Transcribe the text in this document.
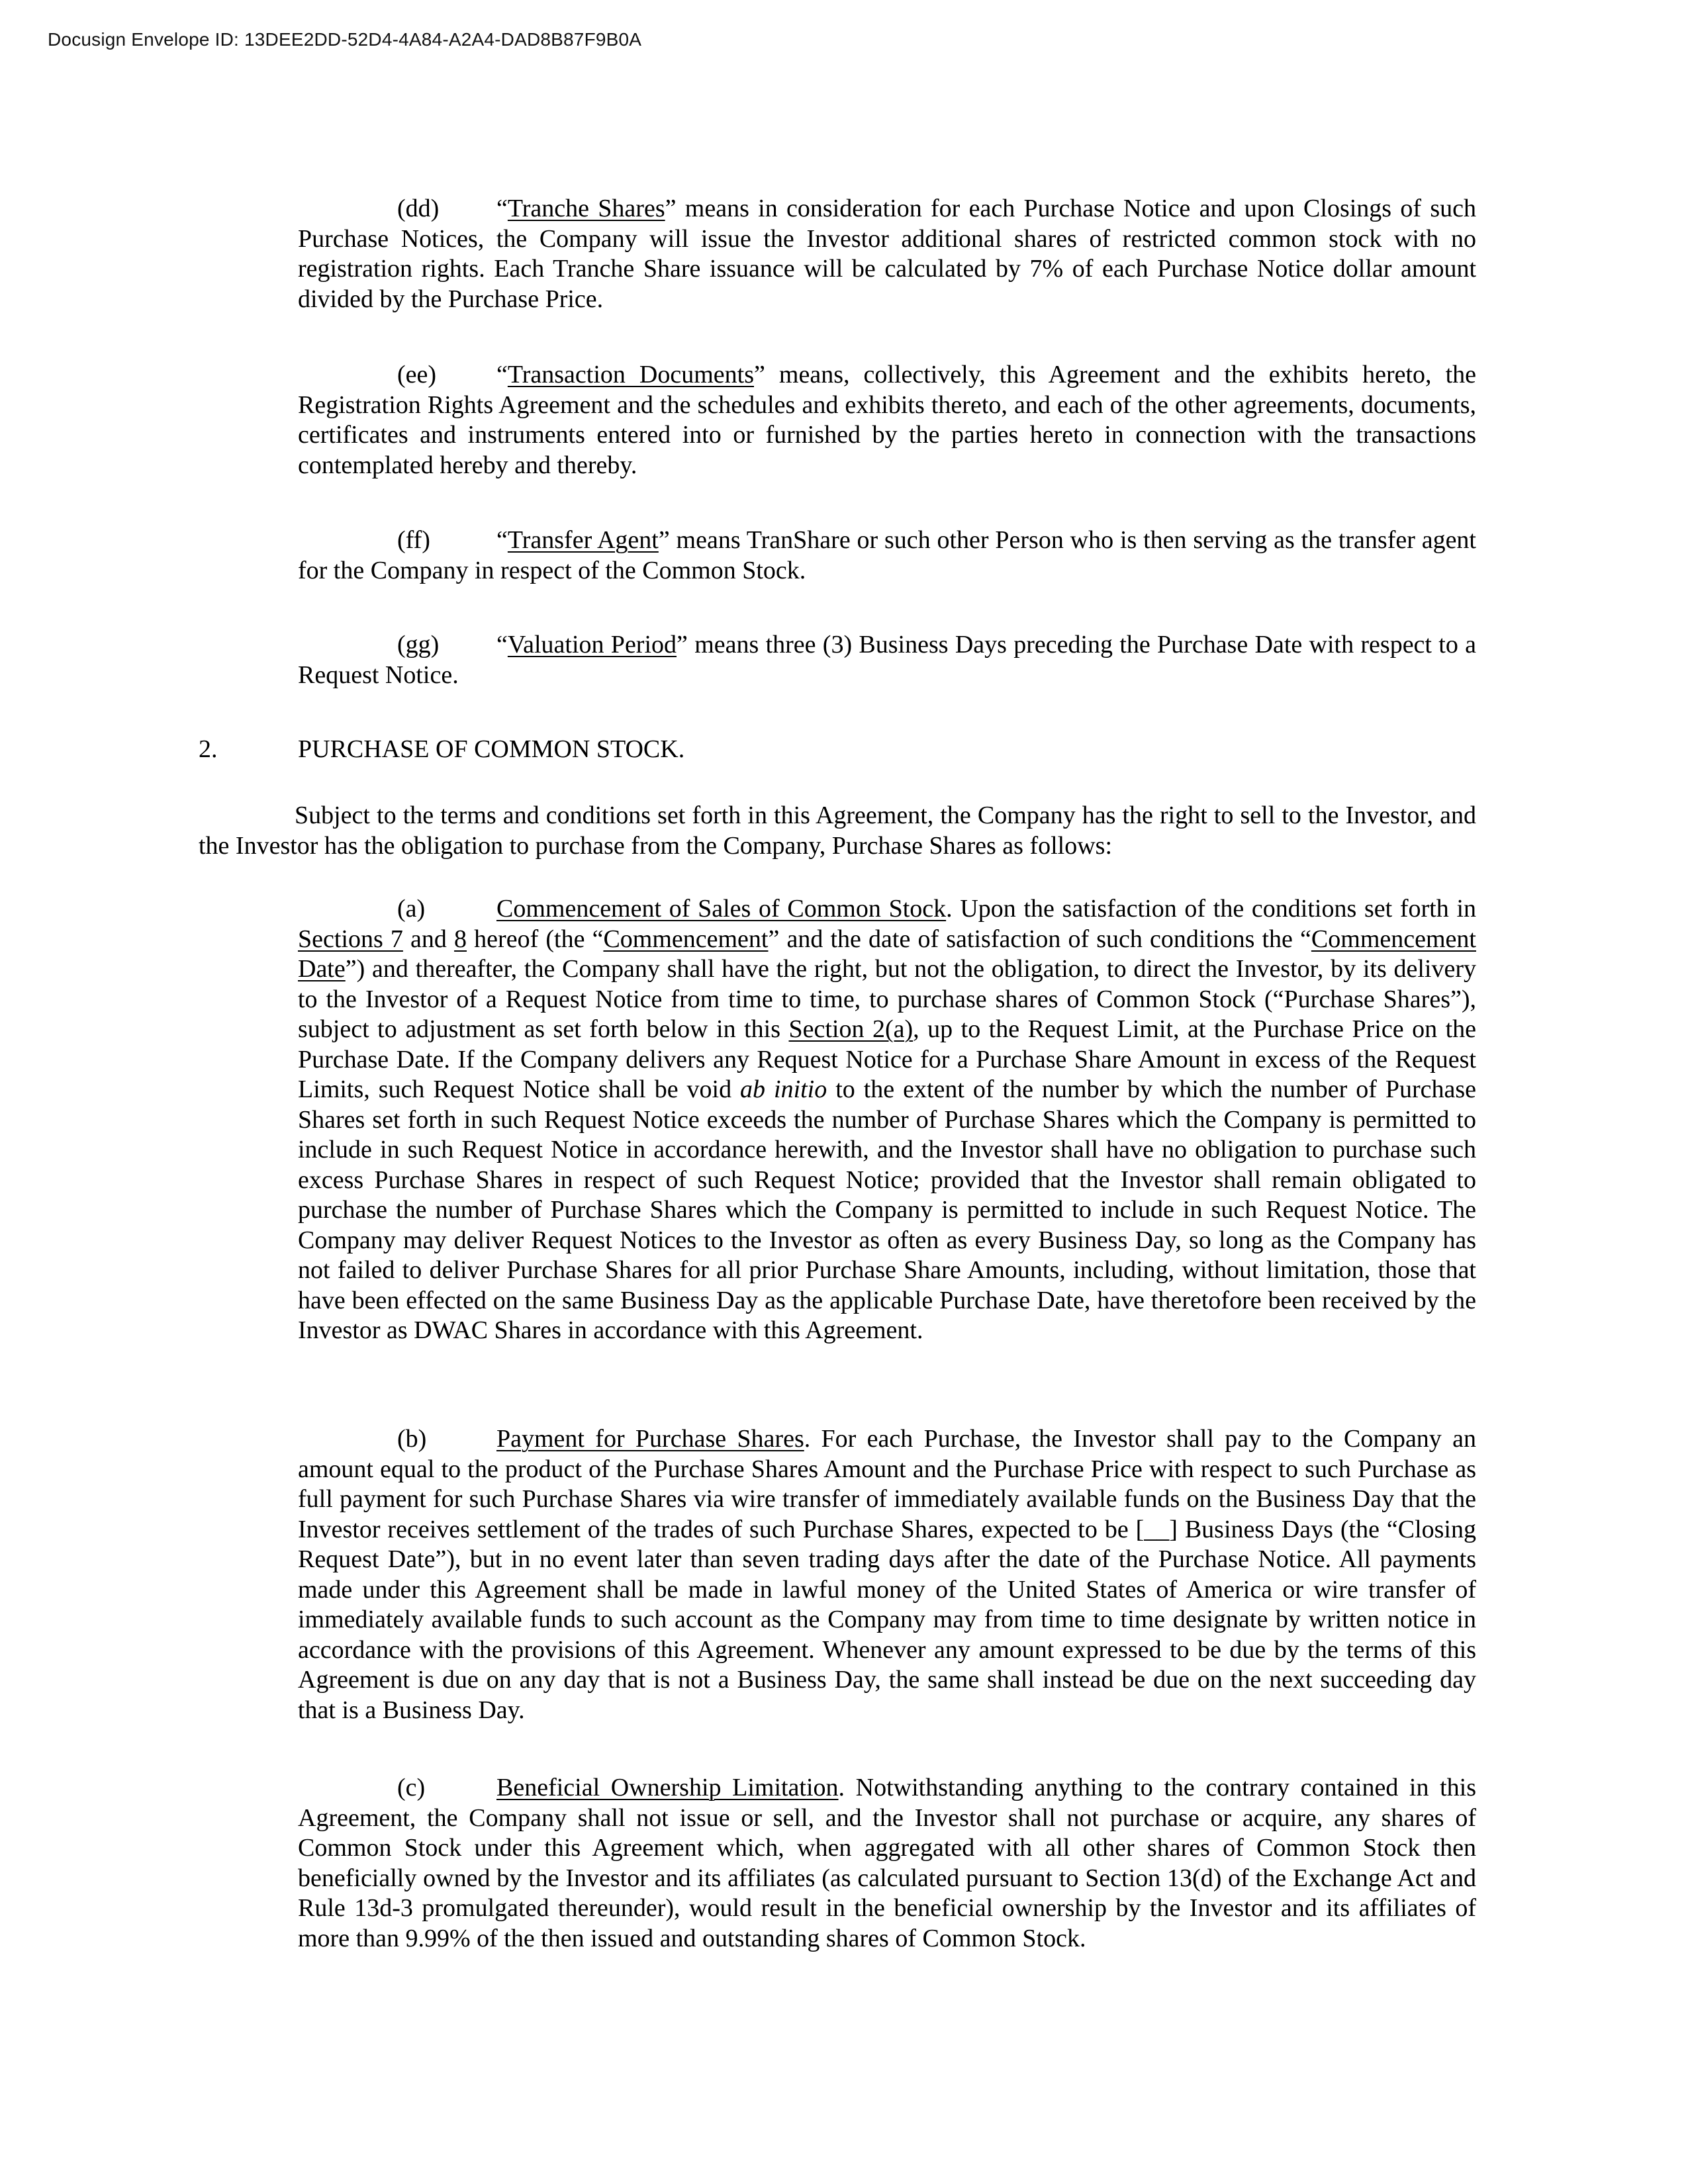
Docusign Envelope ID: 13DEE2DD-52D4-4A84-A2A4-DAD8B87F9B0A

(dd) “Tranche Shares” means in consideration for each Purchase Notice and upon Closings of such Purchase Notices, the Company will issue the Investor additional shares of restricted common stock with no registration rights. Each Tranche Share issuance will be calculated by 7% of each Purchase Notice dollar amount divided by the Purchase Price.

(ee) “Transaction Documents” means, collectively, this Agreement and the exhibits hereto, the Registration Rights Agreement and the schedules and exhibits thereto, and each of the other agreements, documents, certificates and instruments entered into or furnished by the parties hereto in connection with the transactions contemplated hereby and thereby.

(ff)	“Transfer Agent” means TranShare or such other Person who is then serving as the transfer agent for the Company in respect of the Common Stock.

(gg) “Valuation Period” means three (3) Business Days preceding the Purchase Date with respect to a Request Notice.

2.	PURCHASE OF COMMON STOCK.

Subject to the terms and conditions set forth in this Agreement, the Company has the right to sell to the Investor, and the Investor has the obligation to purchase from the Company, Purchase Shares as follows:

(a)	Commencement of Sales of Common Stock. Upon the satisfaction of the conditions set forth in Sections 7 and 8 hereof (the “Commencement” and the date of satisfaction of such conditions the “Commencement Date”) and thereafter, the Company shall have the right, but not the obligation, to direct the Investor, by its delivery to the Investor of a Request Notice from time to time, to purchase shares of Common Stock (“Purchase Shares”), subject to adjustment as set forth below in this Section 2(a), up to the Request Limit, at the Purchase Price on the Purchase Date. If the Company delivers any Request Notice for a Purchase Share Amount in excess of the Request Limits, such Request Notice shall be void ab initio to the extent of the number by which the number of Purchase Shares set forth in such Request Notice exceeds the number of Purchase Shares which the Company is permitted to include in such Request Notice in accordance herewith, and the Investor shall have no obligation to purchase such excess Purchase Shares in respect of such Request Notice; provided that the Investor shall remain obligated to purchase the number of Purchase Shares which the Company is permitted to include in such Request Notice. The Company may deliver Request Notices to the Investor as often as every Business Day, so long as the Company has not failed to deliver Purchase Shares for all prior Purchase Share Amounts, including, without limitation, those that have been effected on the same Business Day as the applicable Purchase Date, have theretofore been received by the Investor as DWAC Shares in accordance with this Agreement.

(b)	Payment for Purchase Shares. For each Purchase, the Investor shall pay to the Company an amount equal to the product of the Purchase Shares Amount and the Purchase Price with respect to such Purchase as full payment for such Purchase Shares via wire transfer of immediately available funds on the Business Day that the Investor receives settlement of the trades of such Purchase Shares, expected to be [__] Business Days (the “Closing Request Date”), but in no event later than seven trading days after the date of the Purchase Notice. All payments made under this Agreement shall be made in lawful money of the United States of America or wire transfer of immediately available funds to such account as the Company may from time to time designate by written notice in accordance with the provisions of this Agreement. Whenever any amount expressed to be due by the terms of this Agreement is due on any day that is not a Business Day, the same shall instead be due on the next succeeding day that is a Business Day.

(c)	Beneficial Ownership Limitation. Notwithstanding anything to the contrary contained in this Agreement, the Company shall not issue or sell, and the Investor shall not purchase or acquire, any shares of Common Stock under this Agreement which, when aggregated with all other shares of Common Stock then beneficially owned by the Investor and its affiliates (as calculated pursuant to Section 13(d) of the Exchange Act and Rule 13d-3 promulgated thereunder), would result in the beneficial ownership by the Investor and its affiliates of more than 9.99% of the then issued and outstanding shares of Common Stock.
